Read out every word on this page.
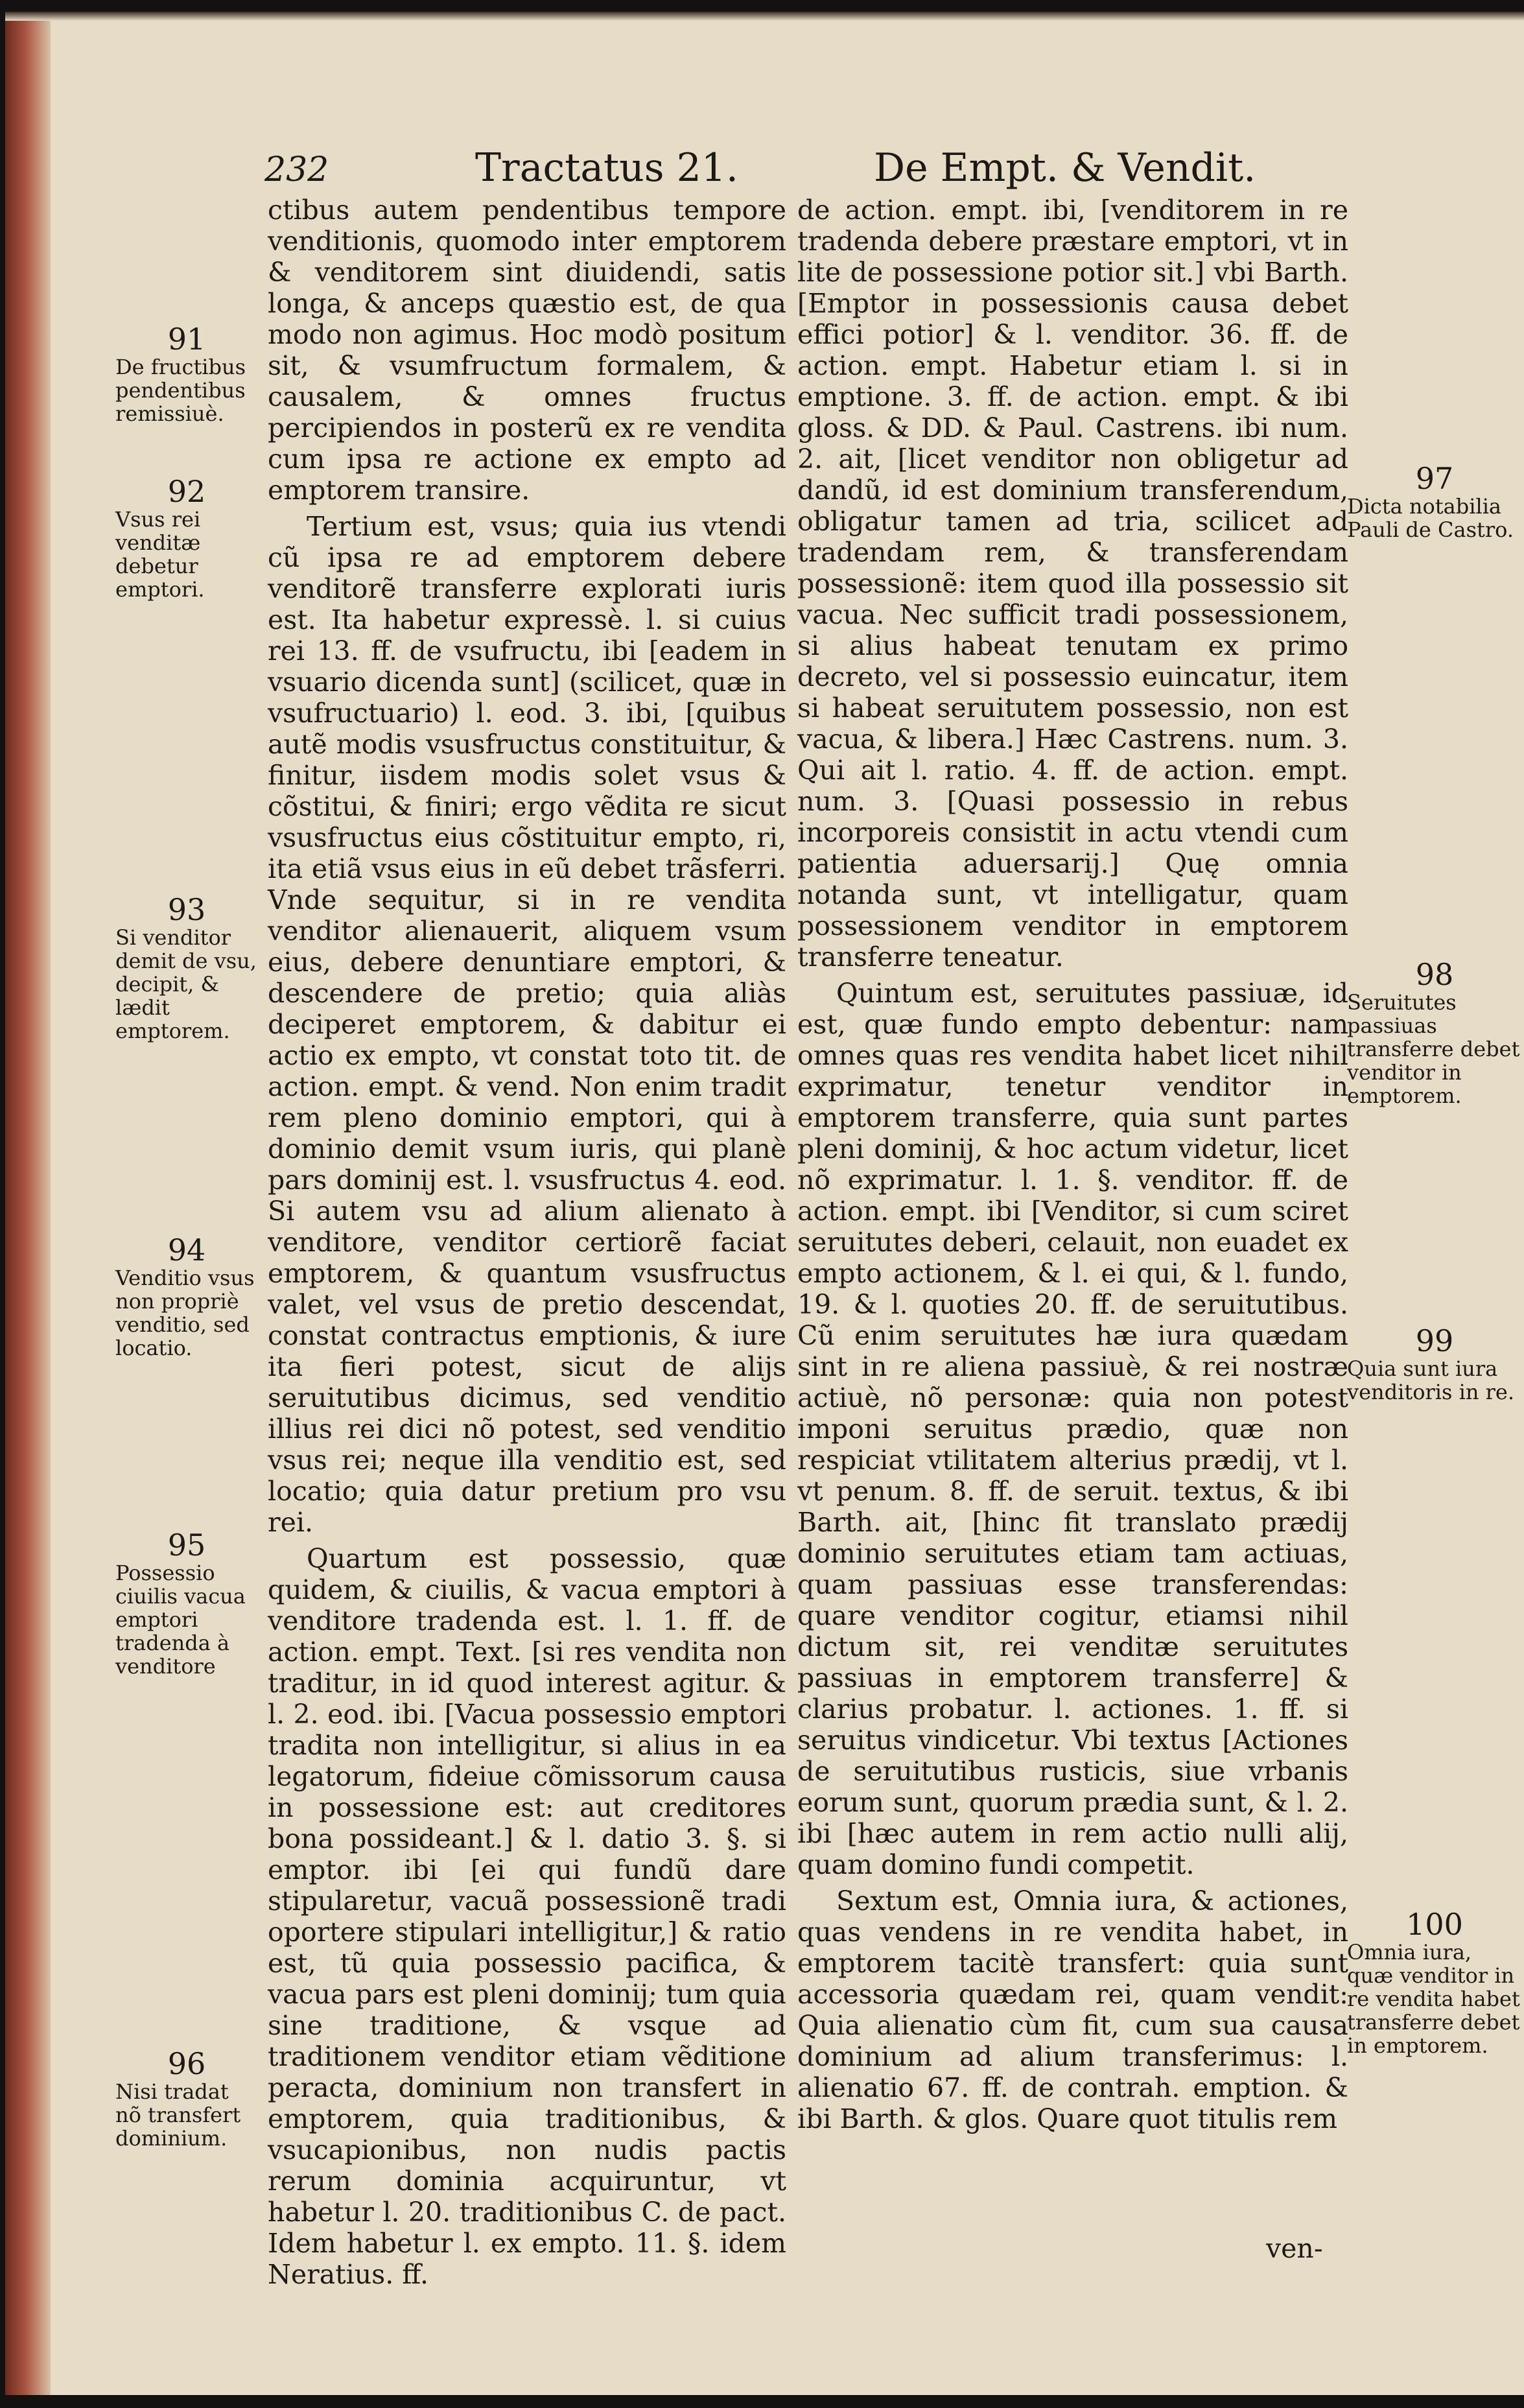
232	Tractatus 21.	De Empt. & Vendit.

ctibus autem pendentibus tempore venditionis, quomodo inter emptorem & venditorem sint diuidendi, satis longa, & anceps quæstio est, de qua modo non agimus. Hoc modò positum sit, & vsumfructum formalem, & causalem, & omnes fructus percipiendos in posterũ ex re vendita cum ipsa re actione ex empto ad emptorem transire.

Tertium est, vsus; quia ius vtendi cũ ipsa re ad emptorem debere venditorẽ transferre explorati iuris est. Ita habetur expressè. l. si cuius rei 13. ff. de vsufructu, ibi [eadem in vsuario dicenda sunt] (scilicet, quæ in vsufructuario) l. eod. 3. ibi, [quibus autẽ modis vsusfructus constituitur, & finitur, iisdem modis solet vsus & cõstitui, & finiri; ergo vẽdita re sicut vsusfructus eius cõstituitur empto, ri, ita etiã vsus eius in eũ debet trãsferri. Vnde sequitur, si in re vendita venditor alienauerit, aliquem vsum eius, debere denuntiare emptori, & descendere de pretio; quia aliàs deciperet emptorem, & dabitur ei actio ex empto, vt constat toto tit. de action. empt. & vend. Non enim tradit rem pleno dominio emptori, qui à dominio demit vsum iuris, qui planè pars dominij est. l. vsusfructus 4. eod. Si autem vsu ad alium alienato à venditore, venditor certiorẽ faciat emptorem, & quantum vsusfructus valet, vel vsus de pretio descendat, constat contractus emptionis, & iure ita fieri potest, sicut de alijs seruitutibus dicimus, sed venditio illius rei dici nõ potest, sed venditio vsus rei; neque illa venditio est, sed locatio; quia datur pretium pro vsu rei.

Quartum est possessio, quæ quidem, & ciuilis, & vacua emptori à venditore tradenda est. l. 1. ff. de action. empt. Text. [si res vendita non traditur, in id quod interest agitur. & l. 2. eod. ibi. [Vacua possessio emptori tradita non intelligitur, si alius in ea legatorum, fideiue cõmissorum causa in possessione est: aut creditores bona possideant.] & l. datio 3. §. si emptor. ibi [ei qui fundũ dare stipularetur, vacuã possessionẽ tradi oportere stipulari intelligitur,] & ratio est, tũ quia possessio pacifica, & vacua pars est pleni dominij; tum quia sine traditione, & vsque ad traditionem venditor etiam vẽditione peracta, dominium non transfert in emptorem, quia traditionibus, & vsucapionibus, non nudis pactis rerum dominia acquiruntur, vt habetur l. 20. traditionibus C. de pact. Idem habetur l. ex empto. 11. §. idem Neratius. ff.

de action. empt. ibi, [venditorem in re tradenda debere præstare emptori, vt in lite de possessione potior sit.] vbi Barth. [Emptor in possessionis causa debet effici potior] & l. venditor. 36. ff. de action. empt. Habetur etiam l. si in emptione. 3. ff. de action. empt. & ibi gloss. & DD. & Paul. Castrens. ibi num. 2. ait, [licet venditor non obligetur ad dandũ, id est dominium transferendum, obligatur tamen ad tria, scilicet ad tradendam rem, & transferendam possessionẽ: item quod illa possessio sit vacua. Nec sufficit tradi possessionem, si alius habeat tenutam ex primo decreto, vel si possessio euincatur, item si habeat seruitutem possessio, non est vacua, & libera.] Hæc Castrens. num. 3. Qui ait l. ratio. 4. ff. de action. empt. num. 3. [Quasi possessio in rebus incorporeis consistit in actu vtendi cum patientia aduersarij.] Quę omnia notanda sunt, vt intelligatur, quam possessionem venditor in emptorem transferre teneatur.

Quintum est, seruitutes passiuæ, id est, quæ fundo empto debentur: nam omnes quas res vendita habet licet nihil exprimatur, tenetur venditor in emptorem transferre, quia sunt partes pleni dominij, & hoc actum videtur, licet nõ exprimatur. l. 1. §. venditor. ff. de action. empt. ibi [Venditor, si cum sciret seruitutes deberi, celauit, non euadet ex empto actionem, & l. ei qui, & l. fundo, 19. & l. quoties 20. ff. de seruitutibus. Cũ enim seruitutes hæ iura quædam sint in re aliena passiuè, & rei nostræ actiuè, nõ personæ: quia non potest imponi seruitus prædio, quæ non respiciat vtilitatem alterius prædij, vt l. vt penum. 8. ff. de seruit. textus, & ibi Barth. ait, [hinc fit translato prædij dominio seruitutes etiam tam actiuas, quam passiuas esse transferendas: quare venditor cogitur, etiamsi nihil dictum sit, rei venditæ seruitutes passiuas in emptorem transferre] & clarius probatur. l. actiones. 1. ff. si seruitus vindicetur. Vbi textus [Actiones de seruitutibus rusticis, siue vrbanis eorum sunt, quorum prædia sunt, & l. 2. ibi [hæc autem in rem actio nulli alij, quam domino fundi competit.

Sextum est, Omnia iura, & actiones, quas vendens in re vendita habet, in emptorem tacitè transfert: quia sunt accessoria quædam rei, quam vendit: Quia alienatio cùm fit, cum sua causa dominium ad alium transferimus: l. alienatio 67. ff. de contrah. emption. & ibi Barth. & glos. Quare quot titulis rem

ven-
91
De fructibus pendentibus remissiuè.
92
Vsus rei venditæ debetur emptori.
93
Si venditor demit de vsu, decipit, & lædit emptorem.
94
Venditio vsus non propriè venditio, sed locatio.
95
Possessio ciuilis vacua emptori tradenda à venditore
96
Nisi tradat nõ transfert dominium.
97
Dicta notabilia Pauli de Castro.
98
Seruitutes passiuas transferre debet venditor in emptorem.
99
Quia sunt iura venditoris in re.
100
Omnia iura, quæ venditor in re vendita habet transferre debet in emptorem.
